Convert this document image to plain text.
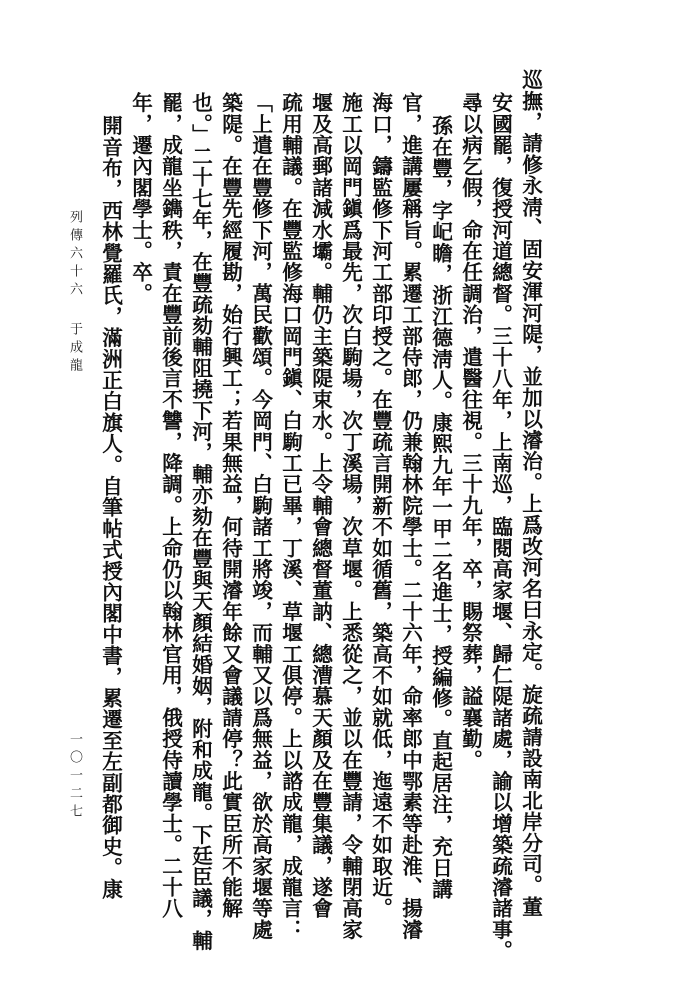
巡撫，請修永淸、固安渾河隄，並加以濬治。上爲改河名曰永定。旋疏請設南北岸分司。董
安國罷，復授河道總督。三十八年，上南巡，臨閱高家堰、歸仁隄諸處，諭以增築疏濬諸事。
尋以病乞假，命在任調治，遣醫往視。三十九年，卒，賜祭葬，謚襄勤。
孫在豐，字屺瞻，浙江德淸人。康熙九年一甲二名進士，授編修。直起居注，充日講
官，進講屢稱旨。累遷工部侍郎，仍兼翰林院學士。二十六年，命率郎中鄂素等赴淮、揚濬
海口，鑄監修下河工部印授之。在豐疏言開新不如循舊，築高不如就低，迤遠不如取近。
施工以岡門鎭爲最先，次白駒場，次丁溪場，次草堰。上悉從之，並以在豐請，令輔閉高家
堰及高郵諸減水壩。輔仍主築隄束水。上令輔會總督董訥、總漕慕天顏及在豐集議，遂會
疏用輔議。在豐監修海口岡門鎭、白駒工已畢，丁溪、草堰工俱停。上以諮成龍，成龍言：
「上遣在豐修下河，萬民歡頌。今岡門、白駒諸工將竣，而輔又以爲無益，欲於高家堰等處
築隄。在豐先經履勘，始行興工；若果無益，何待開濬年餘又會議請停？此實臣所不能解
也。」二十七年，在豐疏劾輔阻撓下河，輔亦劾在豐與天顏結婚姻，附和成龍。下廷臣議，輔
罷，成龍坐鐫秩，責在豐前後言不讐，降調。上命仍以翰林官用，俄授侍讀學士。二十八
年，遷內閣學士。卒。
開音布，西林覺羅氏，滿洲正白旗人。自筆帖式授內閣中書，累遷至左副都御史。康
列傳六十六
于成龍
一〇一二七
